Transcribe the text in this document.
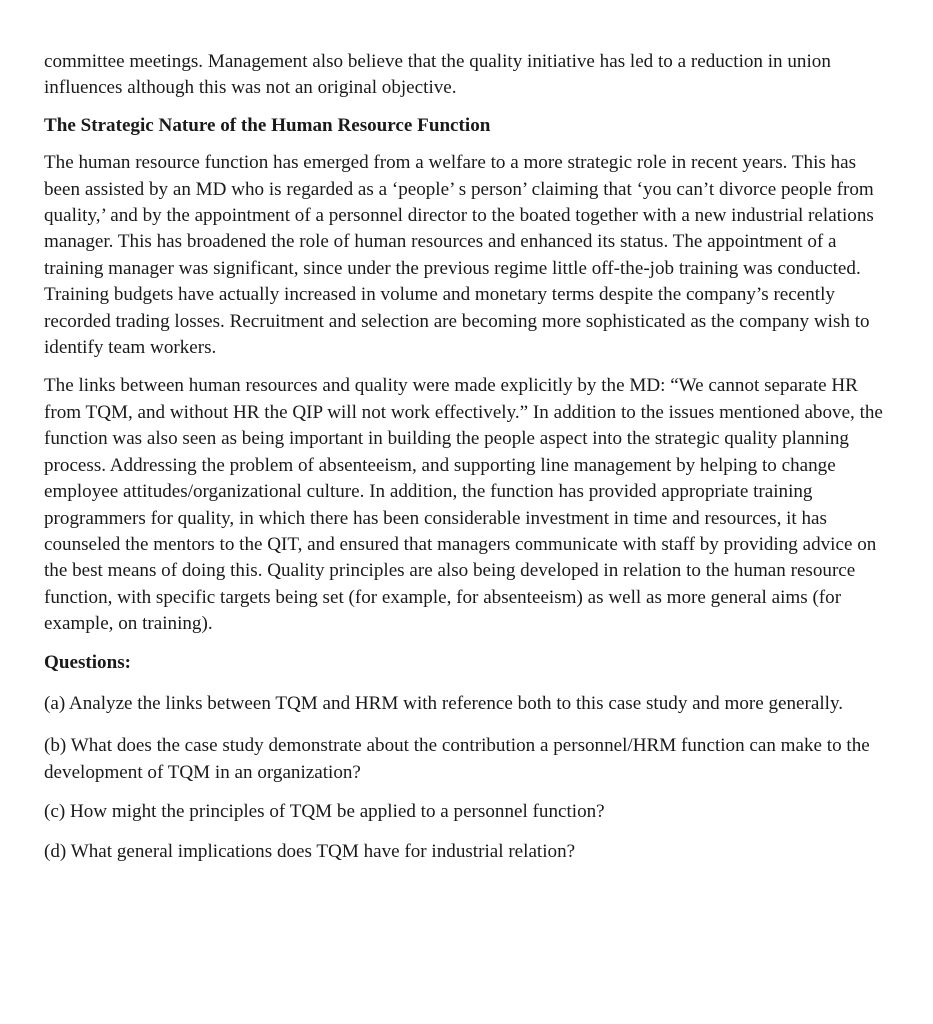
committee meetings. Management also believe that the quality initiative has led to a reduction in union influences although this was not an original objective.

The Strategic Nature of the Human Resource Function

The human resource function has emerged from a welfare to a more strategic role in recent years. This has been assisted by an MD who is regarded as a ‘people’ s person’ claiming that ‘you can’t divorce people from quality,’ and by the appointment of a personnel director to the boated together with a new industrial relations manager. This has broadened the role of human resources and enhanced its status. The appointment of a training manager was significant, since under the previous regime little off-the-job training was conducted. Training budgets have actually increased in volume and monetary terms despite the company’s recently recorded trading losses. Recruitment and selection are becoming more sophisticated as the company wish to identify team workers.

The links between human resources and quality were made explicitly by the MD: “We cannot separate HR from TQM, and without HR the QIP will not work effectively.” In addition to the issues mentioned above, the function was also seen as being important in building the people aspect into the strategic quality planning process. Addressing the problem of absenteeism, and supporting line management by helping to change employee attitudes/organizational culture. In addition, the function has provided appropriate training programmers for quality, in which there has been considerable investment in time and resources, it has counseled the mentors to the QIT, and ensured that managers communicate with staff by providing advice on the best means of doing this. Quality principles are also being developed in relation to the human resource function, with specific targets being set (for example, for absenteeism) as well as more general aims (for example, on training).

Questions:

(a) Analyze the links between TQM and HRM with reference both to this case study and more generally.

(b) What does the case study demonstrate about the contribution a personnel/HRM function can make to the development of TQM in an organization?

(c) How might the principles of TQM be applied to a personnel function?

(d) What general implications does TQM have for industrial relation?
